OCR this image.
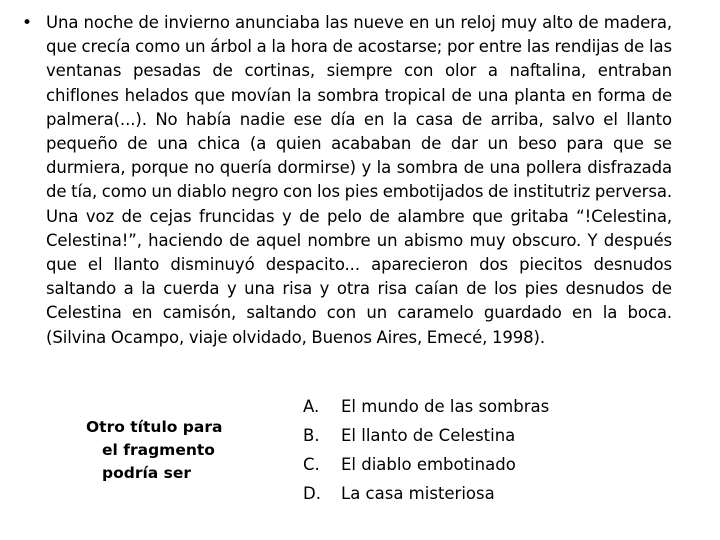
• Una noche de invierno anunciaba las nueve en un reloj muy alto de madera, que crecía como un árbol a la hora de acostarse; por entre las rendijas de las ventanas pesadas de cortinas, siempre con olor a naftalina, entraban chiflones helados que movían la sombra tropical de una planta en forma de palmera(...). No había nadie ese día en la casa de arriba, salvo el llanto pequeño de una chica (a quien acababan de dar un beso para que se durmiera, porque no quería dormirse) y la sombra de una pollera disfrazada de tía, como un diablo negro con los pies embotijados de institutriz perversa. Una voz de cejas fruncidas y de pelo de alambre que gritaba “!Celestina, Celestina!”, haciendo de aquel nombre un abismo muy obscuro. Y después que el llanto disminuyó despacito... aparecieron dos piecitos desnudos saltando a la cuerda y una risa y otra risa caían de los pies desnudos de Celestina en camisón, saltando con un caramelo guardado en la boca. (Silvina Ocampo, viaje olvidado, Buenos Aires, Emecé, 1998).

Otro título para
el fragmento
podría ser
A. El mundo de las sombras
B. El llanto de Celestina
C. El diablo embotinado
D. La casa misteriosa
